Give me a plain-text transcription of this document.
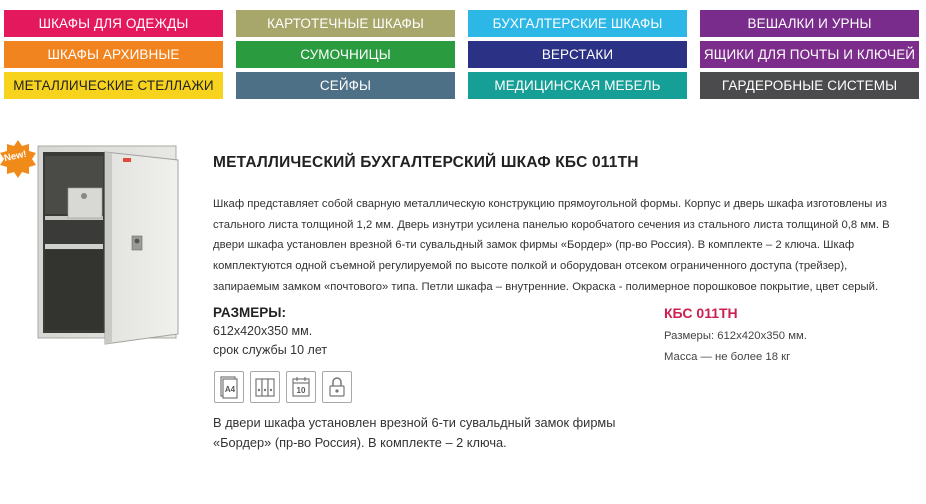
ШКАФЫ ДЛЯ ОДЕЖДЫ	КАРТОТЕЧНЫЕ ШКАФЫ	БУХГАЛТЕРСКИЕ ШКАФЫ	ВЕШАЛКИ И УРНЫ
ШКАФЫ АРХИВНЫЕ	СУМОЧНИЦЫ	ВЕРСТАКИ	ЯЩИКИ ДЛЯ ПОЧТЫ И КЛЮЧЕЙ
МЕТАЛЛИЧЕСКИЕ СТЕЛЛАЖИ	СЕЙФЫ	МЕДИЦИНСКАЯ МЕБЕЛЬ	ГАРДЕРОБНЫЕ СИСТЕМЫ
New!	МЕТАЛЛИЧЕСКИЙ БУХГАЛТЕРСКИЙ ШКАФ КБС 011ТН
Шкаф представляет собой сварную металлическую конструкцию прямоугольной формы. Корпус и дверь шкафа изготовлены из стального листа толщиной 1,2 мм. Дверь изнутри усилена панелью коробчатого сечения из стального листа толщиной 0,8 мм. В двери шкафа установлен врезной 6-ти сувальдный замок фирмы «Бордер» (пр-во Россия). В комплекте – 2 ключа. Шкаф комплектуются одной съемной регулируемой по высоте полкой и оборудован отсеком ограниченного доступа (трейзер), запираемым замком «почтового» типа. Петли шкафа – внутренние. Окраска - полимерное порошковое покрытие, цвет серый.
РАЗМЕРЫ:
612х420х350 мм.
срок службы 10 лет
A4	10
В двери шкафа установлен врезной 6-ти сувальдный замок фирмы «Бордер» (пр-во Россия). В комплекте – 2 ключа.
КБС 011ТН
Размеры: 612х420х350 мм.
Масса — не более 18 кг
